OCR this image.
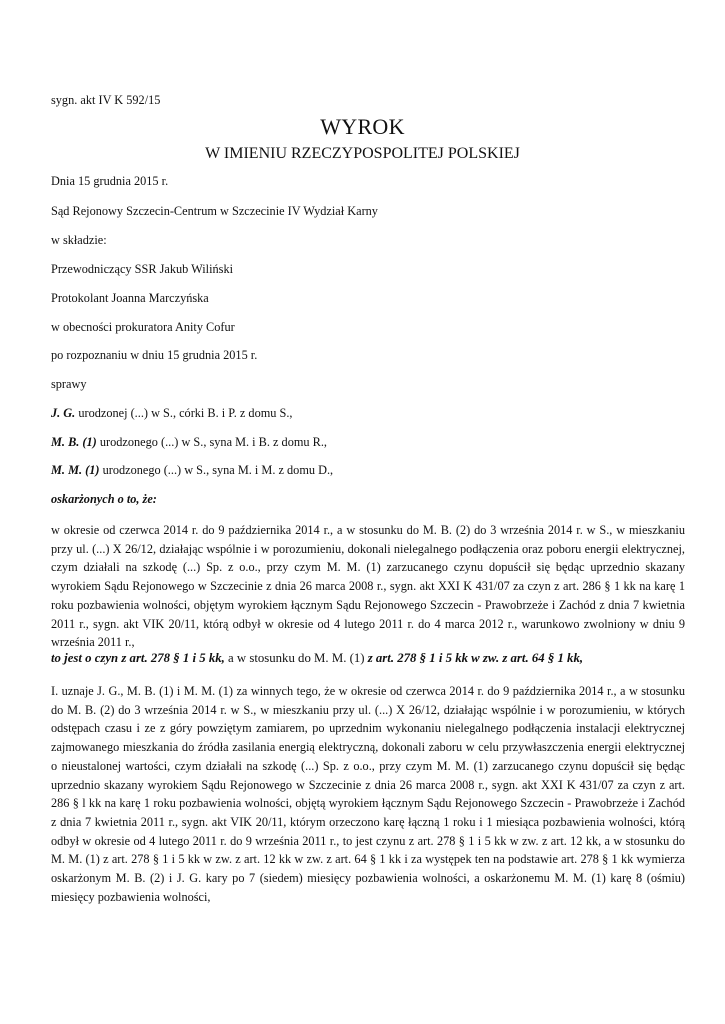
sygn. akt IV K 592/15
WYROK
W IMIENIU RZECZYPOSPOLITEJ POLSKIEJ
Dnia 15 grudnia 2015 r.
Sąd Rejonowy Szczecin-Centrum w Szczecinie IV Wydział Karny
w składzie:
Przewodniczący SSR Jakub Wiliński
Protokolant Joanna Marczyńska
w obecności prokuratora Anity Cofur
po rozpoznaniu w dniu 15 grudnia 2015 r.
sprawy
J. G. urodzonej (...) w S., córki B. i P. z domu S.,
M. B. (1) urodzonego (...) w S., syna M. i B. z domu R.,
M. M. (1) urodzonego (...) w S., syna M. i M. z domu D.,
oskarżonych o to, że:
w okresie od czerwca 2014 r. do 9 października 2014 r., a w stosunku do M. B. (2) do 3 września 2014 r. w S., w mieszkaniu przy ul. (...) X 26/12, działając wspólnie i w porozumieniu, dokonali nielegalnego podłączenia oraz poboru energii elektrycznej, czym działali na szkodę (...) Sp. z o.o., przy czym M. M. (1) zarzucanego czynu dopuścił się będąc uprzednio skazany wyrokiem Sądu Rejonowego w Szczecinie z dnia 26 marca 2008 r., sygn. akt XXI K 431/07 za czyn z art. 286 § 1 kk na karę 1 roku pozbawienia wolności, objętym wyrokiem łącznym Sądu Rejonowego Szczecin - Prawobrzeże i Zachód z dnia 7 kwietnia 2011 r., sygn. akt VIK 20/11, którą odbył w okresie od 4 lutego 2011 r. do 4 marca 2012 r., warunkowo zwolniony w dniu 9 września 2011 r.,
to jest o czyn z art. 278 § 1 i 5 kk, a w stosunku do M. M. (1) z art. 278 § 1 i 5 kk w zw. z art. 64 § 1 kk,
I. uznaje J. G., M. B. (1) i M. M. (1) za winnych tego, że w okresie od czerwca 2014 r. do 9 października 2014 r., a w stosunku do M. B. (2) do 3 września 2014 r. w S., w mieszkaniu przy ul. (...) X 26/12, działając wspólnie i w porozumieniu, w których odstępach czasu i ze z góry powziętym zamiarem, po uprzednim wykonaniu nielegalnego podłączenia instalacji elektrycznej zajmowanego mieszkania do źródła zasilania energią elektryczną, dokonali zaboru w celu przywłaszczenia energii elektrycznej o nieustalonej wartości, czym działali na szkodę (...) Sp. z o.o., przy czym M. M. (1) zarzucanego czynu dopuścił się będąc uprzednio skazany wyrokiem Sądu Rejonowego w Szczecinie z dnia 26 marca 2008 r., sygn. akt XXI K 431/07 za czyn z art. 286 § l kk na karę 1 roku pozbawienia wolności, objętą wyrokiem łącznym Sądu Rejonowego Szczecin - Prawobrzeże i Zachód z dnia 7 kwietnia 2011 r., sygn. akt VIK 20/11, którym orzeczono karę łączną 1 roku i 1 miesiąca pozbawienia wolności, którą odbył w okresie od 4 lutego 2011 r. do 9 września 2011 r., to jest czynu z art. 278 § 1 i 5 kk w zw. z art. 12 kk, a w stosunku do M. M. (1) z art. 278 § 1 i 5 kk w zw. z art. 12 kk w zw. z art. 64 § 1 kk i za występek ten na podstawie art. 278 § 1 kk wymierza oskarżonym M. B. (2) i J. G. kary po 7 (siedem) miesięcy pozbawienia wolności, a oskarżonemu M. M. (1) karę 8 (ośmiu) miesięcy pozbawienia wolności,
